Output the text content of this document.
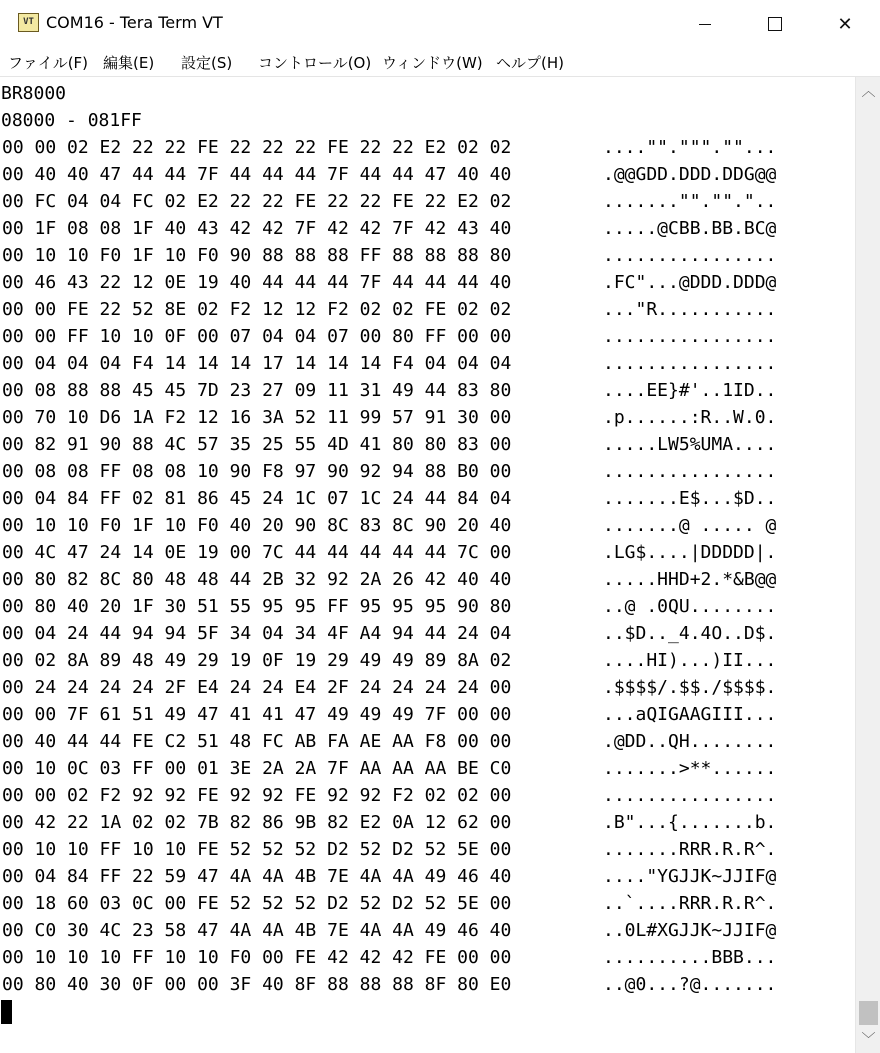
VT COM16 - Tera Term VT	✕
ファイル(F) 編集(E) 設定(S) コントロール(O) ウィンドウ(W) ヘルプ(H)
BR8000
08000 - 081FF
00 00 02 E2 22 22 FE 22 22 22 FE 22 22 E2 02 02	...."".""".""...
00 40 40 47 44 44 7F 44 44 44 7F 44 44 47 40 40	.@@GDD.DDD.DDG@@
00 FC 04 04 FC 02 E2 22 22 FE 22 22 FE 22 E2 02	......."".""."..
00 1F 08 08 1F 40 43 42 42 7F 42 42 7F 42 43 40	.....@CBB.BB.BC@
00 10 10 F0 1F 10 F0 90 88 88 88 FF 88 88 88 80	................
00 46 43 22 12 0E 19 40 44 44 44 7F 44 44 44 40	.FC"...@DDD.DDD@
00 00 FE 22 52 8E 02 F2 12 12 F2 02 02 FE 02 02	..."R...........
00 00 FF 10 10 0F 00 07 04 04 07 00 80 FF 00 00	................
00 04 04 04 F4 14 14 14 17 14 14 14 F4 04 04 04	................
00 08 88 88 45 45 7D 23 27 09 11 31 49 44 83 80	....EE}#'..1ID..
00 70 10 D6 1A F2 12 16 3A 52 11 99 57 91 30 00	.p......:R..W.0.
00 82 91 90 88 4C 57 35 25 55 4D 41 80 80 83 00	.....LW5%UMA....
00 08 08 FF 08 08 10 90 F8 97 90 92 94 88 B0 00	................
00 04 84 FF 02 81 86 45 24 1C 07 1C 24 44 84 04	.......E$...$D..
00 10 10 F0 1F 10 F0 40 20 90 8C 83 8C 90 20 40	.......@ ..... @
00 4C 47 24 14 0E 19 00 7C 44 44 44 44 44 7C 00	.LG$....|DDDDD|.
00 80 82 8C 80 48 48 44 2B 32 92 2A 26 42 40 40	.....HHD+2.*&B@@
00 80 40 20 1F 30 51 55 95 95 FF 95 95 95 90 80	..@ .0QU........
00 04 24 44 94 94 5F 34 04 34 4F A4 94 44 24 04	..$D.._4.4O..D$.
00 02 8A 89 48 49 29 19 0F 19 29 49 49 89 8A 02	....HI)...)II...
00 24 24 24 24 2F E4 24 24 E4 2F 24 24 24 24 00	.$$$$/.$$./$$$$.
00 00 7F 61 51 49 47 41 41 47 49 49 49 7F 00 00	...aQIGAAGIII...
00 40 44 44 FE C2 51 48 FC AB FA AE AA F8 00 00	.@DD..QH........
00 10 0C 03 FF 00 01 3E 2A 2A 7F AA AA AA BE C0	.......>**......
00 00 02 F2 92 92 FE 92 92 FE 92 92 F2 02 02 00	................
00 42 22 1A 02 02 7B 82 86 9B 82 E2 0A 12 62 00	.B"...{.......b.
00 10 10 FF 10 10 FE 52 52 52 D2 52 D2 52 5E 00	.......RRR.R.R^.
00 04 84 FF 22 59 47 4A 4A 4B 7E 4A 4A 49 46 40	...."YGJJK~JJIF@
00 18 60 03 0C 00 FE 52 52 52 D2 52 D2 52 5E 00	..`....RRR.R.R^.
00 C0 30 4C 23 58 47 4A 4A 4B 7E 4A 4A 49 46 40	..0L#XGJJK~JJIF@
00 10 10 10 FF 10 10 F0 00 FE 42 42 42 FE 00 00	..........BBB...
00 80 40 30 0F 00 00 3F 40 8F 88 88 88 8F 80 E0	..@0...?@.......
︿
﹀
